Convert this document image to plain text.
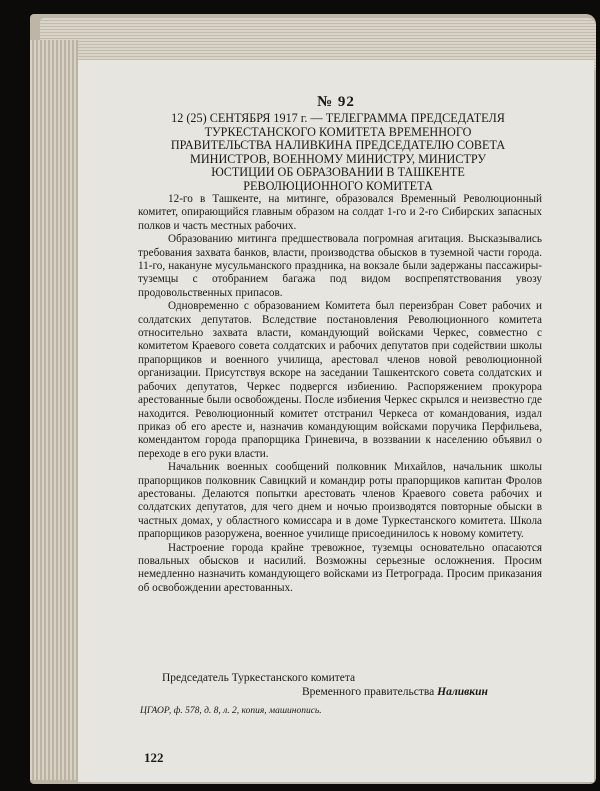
№ 92
12 (25) СЕНТЯБРЯ 1917 г. — ТЕЛЕГРАММА ПРЕДСЕДАТЕЛЯ
ТУРКЕСТАНСКОГО КОМИТЕТА ВРЕМЕННОГО
ПРАВИТЕЛЬСТВА НАЛИВКИНА ПРЕДСЕДАТЕЛЮ СОВЕТА
МИНИСТРОВ, ВОЕННОМУ МИНИСТРУ, МИНИСТРУ
ЮСТИЦИИ ОБ ОБРАЗОВАНИИ В ТАШКЕНТЕ
РЕВОЛЮЦИОННОГО КОМИТЕТА

12-го в Ташкенте, на митинге, образовался Временный Революционный комитет, опирающийся главным образом на солдат 1-го и 2-го Сибирских запасных полков и часть местных рабочих.

Образованию митинга предшествовала погромная агитация. Высказывались требования захвата банков, власти, производства обысков в туземной части города. 11-го, накануне мусульманского праздника, на вокзале были задержаны пассажиры-туземцы с отобранием багажа под видом воспрепятствования увозу продовольственных припасов.

Одновременно с образованием Комитета был переизбран Совет рабочих и солдатских депутатов. Вследствие постановления Революционного комитета относительно захвата власти, командующий войсками Черкес, совместно с комитетом Краевого совета солдатских и рабочих депутатов при содействии школы прапорщиков и военного училища, арестовал членов новой революционной организации. Присутствуя вскоре на заседании Ташкентского совета солдатских и рабочих депутатов, Черкес подвергся избиению. Распоряжением прокурора арестованные были освобождены. После избиения Черкес скрылся и неизвестно где находится. Революционный комитет отстранил Черкеса от командования, издал приказ об его аресте и, назначив командующим войсками поручика Перфильева, комендантом города прапорщика Гриневича, в воззвании к населению объявил о переходе в его руки власти.

Начальник военных сообщений полковник Михайлов, начальник школы прапорщиков полковник Савицкий и командир роты прапорщиков капитан Фролов арестованы. Делаются попытки арестовать членов Краевого совета рабочих и солдатских депутатов, для чего днем и ночью производятся повторные обыски в частных домах, у областного комиссара и в доме Туркестанского комитета. Школа прапорщиков разоружена, военное училище присоединилось к новому комитету.

Настроение города крайне тревожное, туземцы основательно опасаются повальных обысков и насилий. Возможны серьезные осложнения. Просим немедленно назначить командующего войсками из Петрограда. Просим приказания об освобождении арестованных.

Председатель Туркестанского комитета
Временного правительства Наливкин
ЦГАОР, ф. 578, д. 8, л. 2, копия, машинопись.
122
